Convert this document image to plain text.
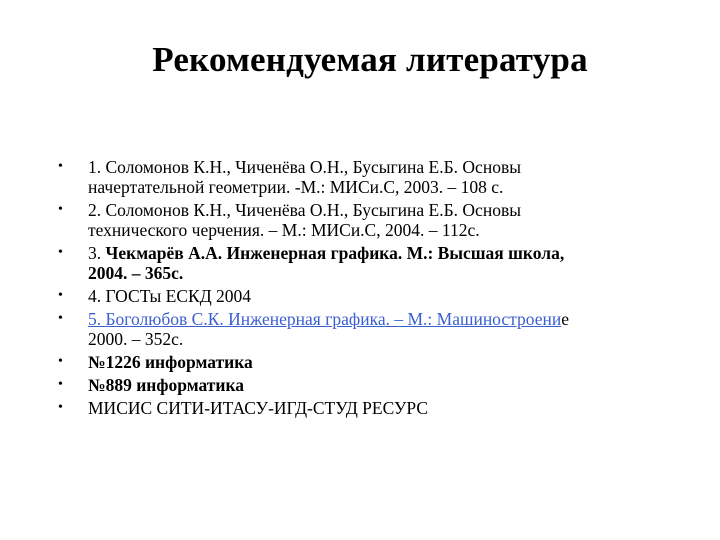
Рекомендуемая литература
• 1. Соломонов К.Н., Чиченёва О.Н., Бусыгина Е.Б. Основы
начертательной геометрии. -М.: МИСи.С, 2003. – 108 с.
• 2. Соломонов К.Н., Чиченёва О.Н., Бусыгина Е.Б. Основы
технического черчения. – М.: МИСи.С, 2004. – 112с.
• 3. Чекмарёв А.А. Инженерная графика. М.: Высшая школа,
2004. – 365с.
• 4. ГОСТы ЕСКД 2004
• 5. Боголюбов С.К. Инженерная графика. – М.: Машиностроение
2000. – 352с.
• №1226 информатика
• №889 информатика
• МИСИС СИТИ-ИТАСУ-ИГД-СТУД РЕСУРС
